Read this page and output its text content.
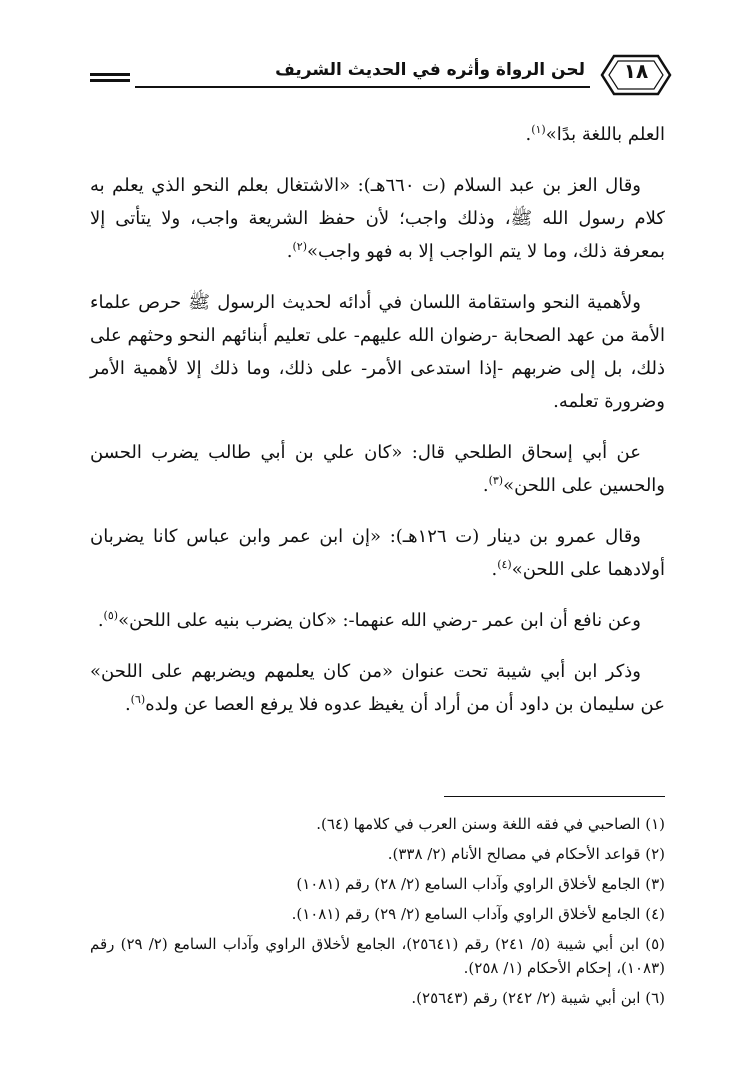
لحن الرواة وأثره في الحديث الشريف	١٨

العلم باللغة بدًا»$^{(١)}$.

وقال العز بن عبد السلام (ت ٦٦٠هـ): «الاشتغال بعلم النحو الذي يعلم به كلام رسول الله ﷺ، وذلك واجب؛ لأن حفظ الشريعة واجب، ولا يتأتى إلا بمعرفة ذلك، وما لا يتم الواجب إلا به فهو واجب»$^{(٢)}$.

ولأهمية النحو واستقامة اللسان في أدائه لحديث الرسول ﷺ حرص علماء الأمة من عهد الصحابة -رضوان الله عليهم- على تعليم أبنائهم النحو وحثهم على ذلك، بل إلى ضربهم -إذا استدعى الأمر- على ذلك، وما ذلك إلا لأهمية الأمر وضرورة تعلمه.

عن أبي إسحاق الطلحي قال: «كان علي بن أبي طالب يضرب الحسن والحسين على اللحن»$^{(٣)}$.

وقال عمرو بن دينار (ت ١٢٦هـ): «إن ابن عمر وابن عباس كانا يضربان أولادهما على اللحن»$^{(٤)}$.

وعن نافع أن ابن عمر -رضي الله عنهما-: «كان يضرب بنيه على اللحن»$^{(٥)}$.

وذكر ابن أبي شيبة تحت عنوان «من كان يعلمهم ويضربهم على اللحن» عن سليمان بن داود أن من أراد أن يغيظ عدوه فلا يرفع العصا عن ولده$^{(٦)}$.

(١) الصاحبي في فقه اللغة وسنن العرب في كلامها (٦٤).

(٢) قواعد الأحكام في مصالح الأنام (٢/ ٣٣٨).

(٣) الجامع لأخلاق الراوي وآداب السامع (٢/ ٢٨) رقم (١٠٨١)

(٤) الجامع لأخلاق الراوي وآداب السامع (٢/ ٢٩) رقم (١٠٨١).

(٥) ابن أبي شيبة (٥/ ٢٤١) رقم (٢٥٦٤١)، الجامع لأخلاق الراوي وآداب السامع (٢/ ٢٩) رقم (١٠٨٣)، إحكام الأحكام (١/ ٢٥٨).

(٦) ابن أبي شيبة (٢/ ٢٤٢) رقم (٢٥٦٤٣).
